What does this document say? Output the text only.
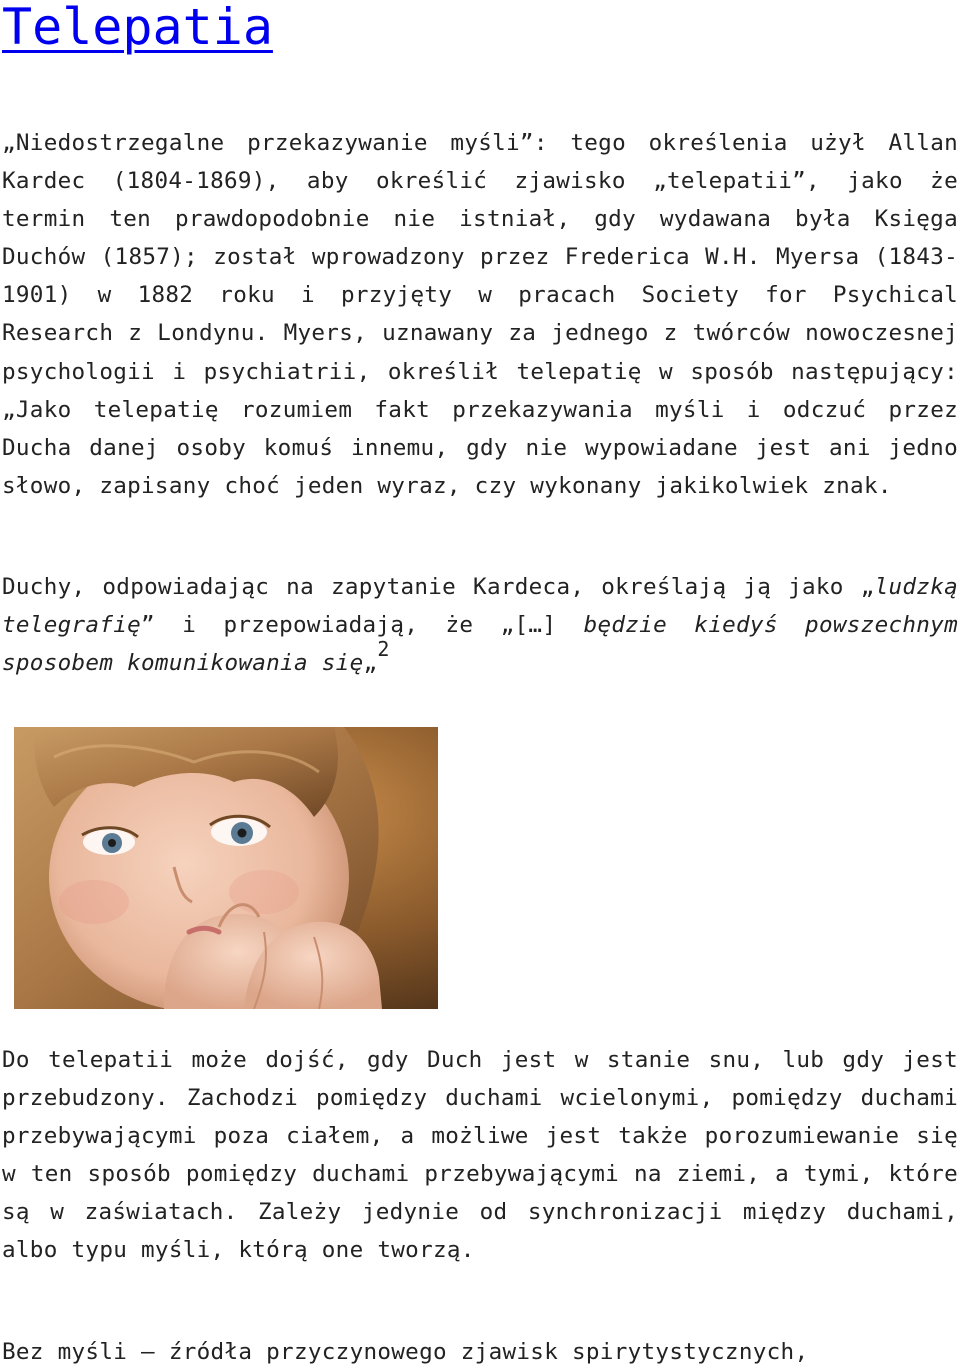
Telepatia

„Niedostrzegalne przekazywanie myśli”: tego określenia użył Allan Kardec (1804-1869), aby określić zjawisko „telepatii”, jako że termin ten prawdopodobnie nie istniał, gdy wydawana była Księga Duchów (1857); został wprowadzony przez Frederica W.H. Myersa (1843-1901) w 1882 roku i przyjęty w pracach Society for Psychical Research z Londynu. Myers, uznawany za jednego z twórców nowoczesnej psychologii i psychiatrii, określił telepatię w sposób następujący: „Jako telepatię rozumiem fakt przekazywania myśli i odczuć przez Ducha danej osoby komuś innemu, gdy nie wypowiadane jest ani jedno słowo, zapisany choć jeden wyraz, czy wykonany jakikolwiek znak.

Duchy, odpowiadając na zapytanie Kardeca, określają ją jako „ludzką telegrafię” i przepowiadają, że „[…] będzie kiedyś powszechnym sposobem komunikowania się„2

Do telepatii może dojść, gdy Duch jest w stanie snu, lub gdy jest przebudzony. Zachodzi pomiędzy duchami wcielonymi, pomiędzy duchami przebywającymi poza ciałem, a możliwe jest także porozumiewanie się w ten sposób pomiędzy duchami przebywającymi na ziemi, a tymi, które są w zaświatach. Zależy jedynie od synchronizacji między duchami, albo typu myśli, którą one tworzą.

Bez myśli – źródła przyczynowego zjawisk spirytystycznych,
